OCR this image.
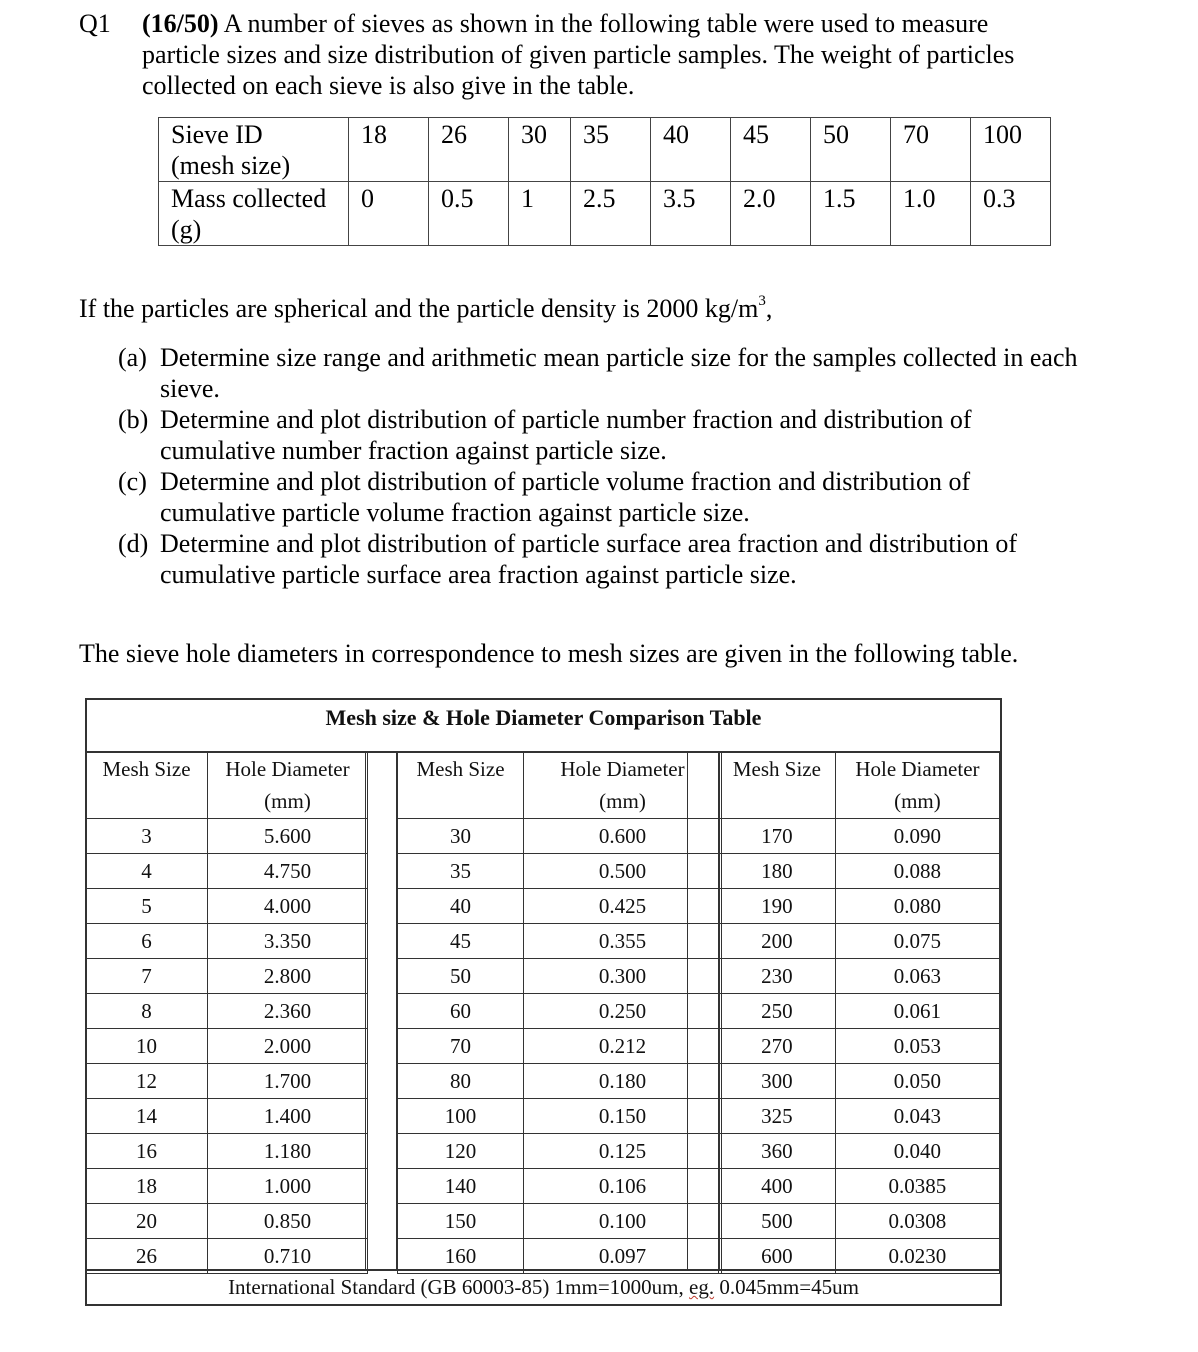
Q1 (16/50) A number of sieves as shown in the following table were used to measure particle sizes and size distribution of given particle samples. The weight of particles collected on each sieve is also give in the table.
Sieve ID
(mesh size)	18	26	30	35	40	45	50	70	100
Mass collected
(g)	0	0.5	1	2.5	3.5	2.0	1.5	1.0	0.3
If the particles are spherical and the particle density is 2000 $kg/m^3$,
(a) Determine size range and arithmetic mean particle size for the samples collected in each sieve.
(b) Determine and plot distribution of particle number fraction and distribution of cumulative number fraction against particle size.
(c) Determine and plot distribution of particle volume fraction and distribution of cumulative particle volume fraction against particle size.
(d) Determine and plot distribution of particle surface area fraction and distribution of cumulative particle surface area fraction against particle size.
The sieve hole diameters in correspondence to mesh sizes are given in the following table.
Mesh size & Hole Diameter Comparison Table
Mesh Size	Hole Diameter
	(mm)
3	5.600
4	4.750
5	4.000
6	3.350
7	2.800
8	2.360
10	2.000
12	1.700
14	1.400
16	1.180
18	1.000
20	0.850
26	0.710
Mesh Size	Hole Diameter
	(mm)
30	0.600
35	0.500
40	0.425
45	0.355
50	0.300
60	0.250
70	0.212
80	0.180
100	0.150
120	0.125
140	0.106
150	0.100
160	0.097
Mesh Size	Hole Diameter
	(mm)
170	0.090
180	0.088
190	0.080
200	0.075
230	0.063
250	0.061
270	0.053
300	0.050
325	0.043
360	0.040
400	0.0385
500	0.0308
600	0.0230
International Standard (GB 60003-85) 1mm=1000um, eg. 0.045mm=45um
